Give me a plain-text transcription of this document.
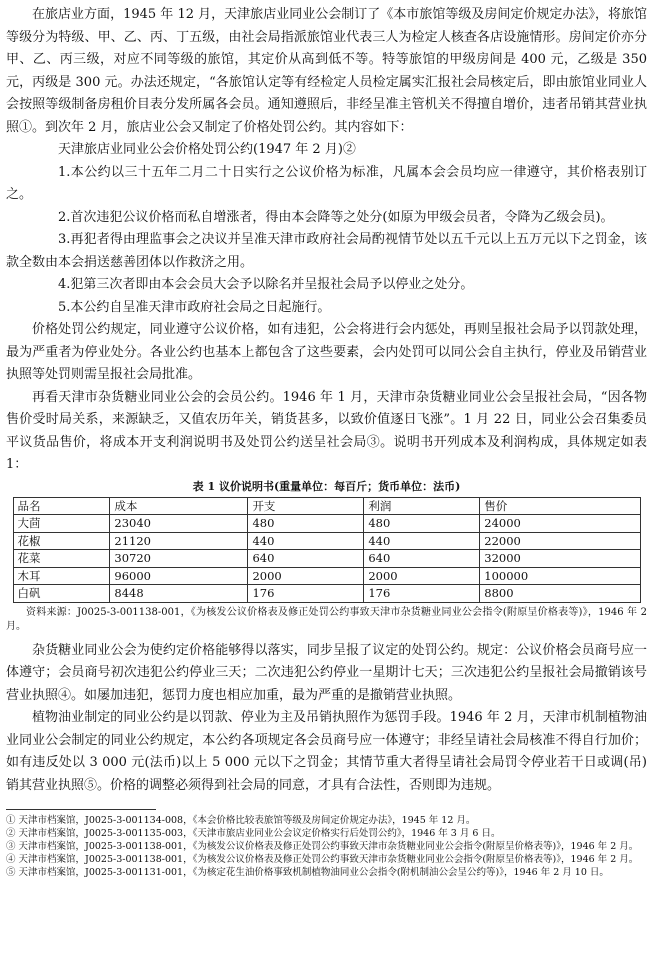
在旅店业方面，1945 年 12 月，天津旅店业同业公会制订了《本市旅馆等级及房间定价规定办法》，将旅馆等级分为特级、甲、乙、丙、丁五级，由社会局指派旅馆业代表三人为检定人核查各店设施情形。房间定价亦分甲、乙、丙三级，对应不同等级的旅馆，其定价从高到低不等。特等旅馆的甲级房间是 400 元，乙级是 350 元，丙级是 300 元。办法还规定，“各旅馆认定等有经检定人员检定属实汇报社会局核定后，即由旅馆业同业人会按照等级制备房租价目表分发所属各会员。通知遵照后，非经呈准主管机关不得擅自增价，违者吊销其营业执照①。到次年 2 月，旅店业公会又制定了价格处罚公约。其内容如下：

天津旅店业同业公会价格处罚公约(1947 年 2 月)②

1.本公约以三十五年二月二十日实行之公议价格为标准，凡属本会会员均应一律遵守，其价格表别订之。

2.首次违犯公议价格而私自增涨者，得由本会降等之处分(如原为甲级会员者，令降为乙级会员)。

3.再犯者得由理监事会之决议并呈准天津市政府社会局酌视情节处以五千元以上五万元以下之罚金，该款全数由本会捐送慈善团体以作救济之用。

4.犯第三次者即由本会会员大会予以除名并呈报社会局予以停业之处分。

5.本公约自呈准天津市政府社会局之日起施行。

价格处罚公约规定，同业遵守公议价格，如有违犯，公会将进行会内惩处，再则呈报社会局予以罚款处理，最为严重者为停业处分。各业公约也基本上都包含了这些要素，会内处罚可以同公会自主执行，停业及吊销营业执照等处罚则需呈报社会局批准。

再看天津市杂货糖业同业公会的会员公约。1946 年 1 月，天津市杂货糖业同业公会呈报社会局，“因各物售价受时局关系，来源缺乏，又值农历年关，销货甚多，以致价值逐日飞涨”。1 月 22 日，同业公会召集委员平议货品售价，将成本开支利润说明书及处罚公约送呈社会局③。说明书开列成本及利润构成，具体规定如表 1：

表 1 议价说明书(重量单位：每百斤；货币单位：法币)
品名	成本	开支	利润	售价
大茴	23040	480	480	24000
花椒	21120	440	440	22000
花菜	30720	640	640	32000
木耳	96000	2000	2000	100000
白矾	8448	176	176	8800

资料来源：J0025-3-001138-001，《为核发公议价格表及修正处罚公约事致天津市杂货糖业同业公会指令(附原呈价格表等)》，1946 年 2 月。

杂货糖业同业公会为使约定价格能够得以落实，同步呈报了议定的处罚公约。规定：公议价格会员商号应一体遵守；会员商号初次违犯公约停业三天；二次违犯公约停业一星期计七天；三次违犯公约呈报社会局撤销该号营业执照④。如屡加违犯，惩罚力度也相应加重，最为严重的是撤销营业执照。

植物油业制定的同业公约是以罚款、停业为主及吊销执照作为惩罚手段。1946 年 2 月，天津市机制植物油业同业公会制定的同业公约规定，本公约各项规定各会员商号应一体遵守；非经呈请社会局核准不得自行加价；如有违反处以 3 000 元(法币)以上 5 000 元以下之罚金；其情节重大者得呈请社会局罚令停业若干日或调(吊)销其营业执照⑤。价格的调整必须得到社会局的同意，才具有合法性，否则即为违规。

① 天津市档案馆，J0025-3-001134-008，《本会价格比较表旅馆等级及房间定价规定办法》，1945 年 12 月。

② 天津市档案馆，J0025-3-001135-003，《天津市旅店业同业公会议定价格实行后处罚公约》，1946 年 3 月 6 日。

③ 天津市档案馆，J0025-3-001138-001，《为核发公议价格表及修正处罚公约事致天津市杂货糖业同业公会指令(附原呈价格表等)》，1946 年 2 月。

④ 天津市档案馆，J0025-3-001138-001，《为核发公议价格表及修正处罚公约事致天津市杂货糖业同业公会指令(附原呈价格表等)》，1946 年 2 月。

⑤ 天津市档案馆，J0025-3-001131-001，《为核定花生油价格事致机制植物油同业公会指令(附机制油公会呈公约等)》，1946 年 2 月 10 日。
